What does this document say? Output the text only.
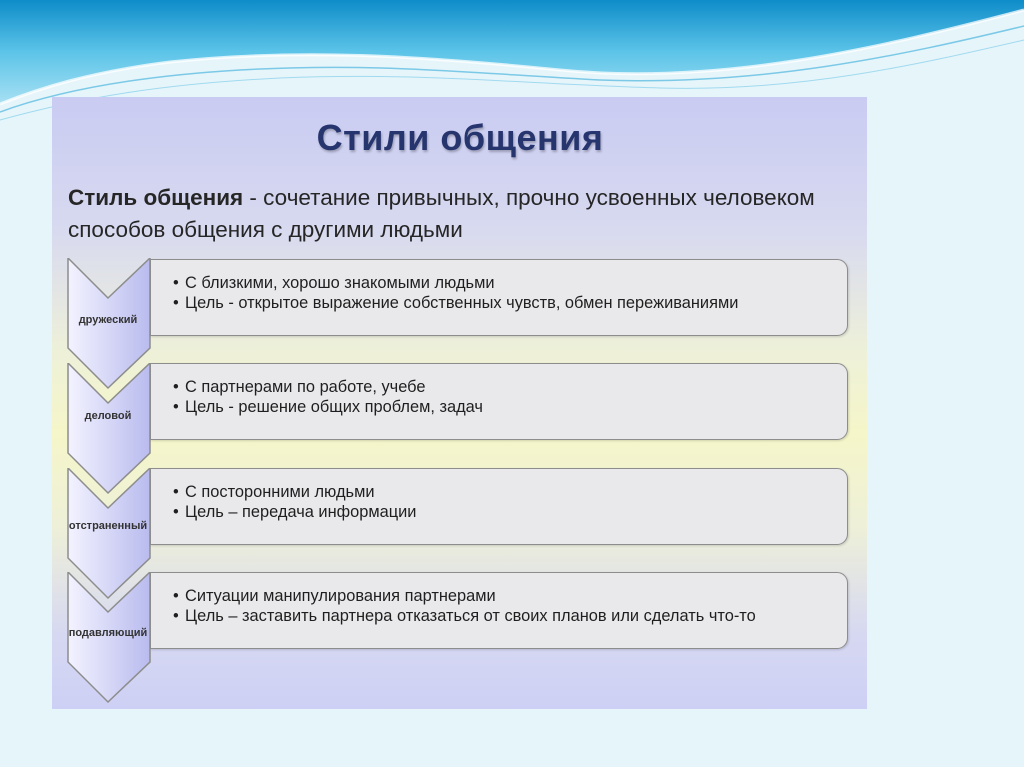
Стили общения
Стиль общения - сочетание привычных, прочно усвоенных человеком способов общения с другими людьми
дружеский
• С близкими, хорошо знакомыми людьми
• Цель - открытое выражение собственных чувств, обмен переживаниями
деловой
• С партнерами по работе, учебе
• Цель - решение общих проблем, задач
отстраненный
• С посторонними людьми
• Цель – передача информации
подавляющий
• Ситуации манипулирования партнерами
• Цель – заставить партнера отказаться от своих планов или сделать что-то
